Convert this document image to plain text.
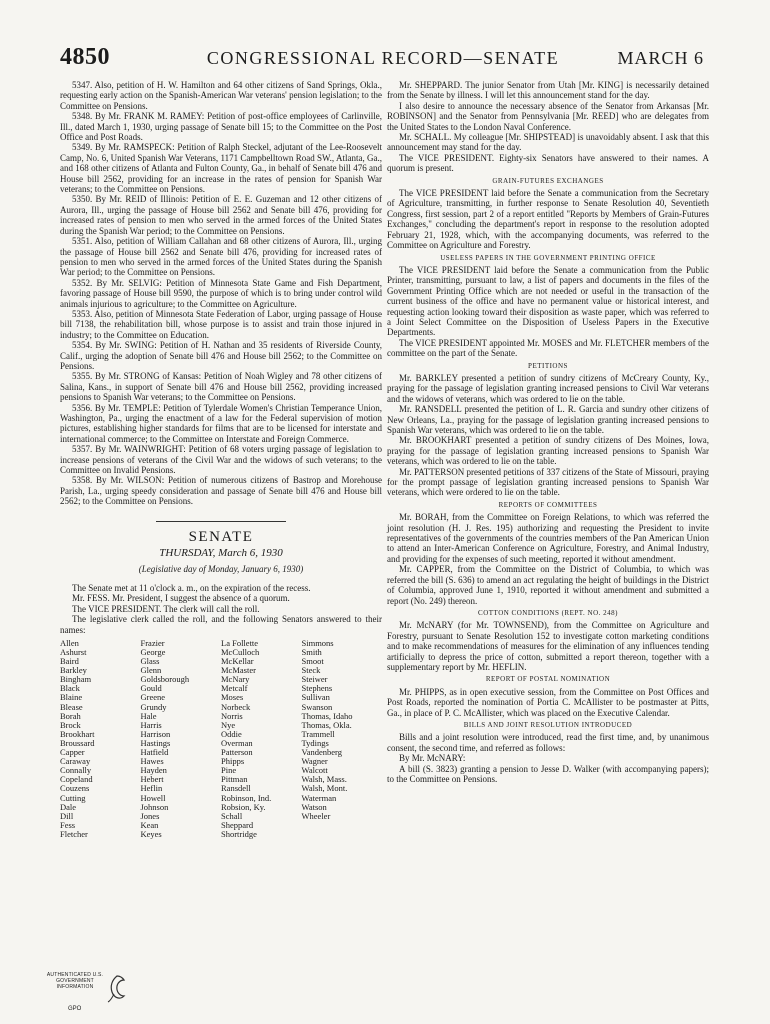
4850	CONGRESSIONAL RECORD—SENATE	MARCH 6

5347. Also, petition of H. W. Hamilton and 64 other citizens of Sand Springs, Okla., requesting early action on the Spanish-American War veterans' pension legislation; to the Committee on Pensions.

5348. By Mr. FRANK M. RAMEY: Petition of post-office employees of Carlinville, Ill., dated March 1, 1930, urging passage of Senate bill 15; to the Committee on the Post Office and Post Roads.

5349. By Mr. RAMSPECK: Petition of Ralph Steckel, adjutant of the Lee-Roosevelt Camp, No. 6, United Spanish War Veterans, 1171 Campbelltown Road SW., Atlanta, Ga., and 168 other citizens of Atlanta and Fulton County, Ga., in behalf of Senate bill 476 and House bill 2562, providing for an increase in the rates of pension for Spanish War veterans; to the Committee on Pensions.

5350. By Mr. REID of Illinois: Petition of E. E. Guzeman and 12 other citizens of Aurora, Ill., urging the passage of House bill 2562 and Senate bill 476, providing for increased rates of pension to men who served in the armed forces of the United States during the Spanish War period; to the Committee on Pensions.

5351. Also, petition of William Callahan and 68 other citizens of Aurora, Ill., urging the passage of House bill 2562 and Senate bill 476, providing for increased rates of pension to men who served in the armed forces of the United States during the Spanish War period; to the Committee on Pensions.

5352. By Mr. SELVIG: Petition of Minnesota State Game and Fish Department, favoring passage of House bill 9590, the purpose of which is to bring under control wild animals injurious to agriculture; to the Committee on Agriculture.

5353. Also, petition of Minnesota State Federation of Labor, urging passage of House bill 7138, the rehabilitation bill, whose purpose is to assist and train those injured in industry; to the Committee on Education.

5354. By Mr. SWING: Petition of H. Nathan and 35 residents of Riverside County, Calif., urging the adoption of Senate bill 476 and House bill 2562; to the Committee on Pensions.

5355. By Mr. STRONG of Kansas: Petition of Noah Wigley and 78 other citizens of Salina, Kans., in support of Senate bill 476 and House bill 2562, providing increased pensions to Spanish War veterans; to the Committee on Pensions.

5356. By Mr. TEMPLE: Petition of Tylerdale Women's Christian Temperance Union, Washington, Pa., urging the enactment of a law for the Federal supervision of motion pictures, establishing higher standards for films that are to be licensed for interstate and international commerce; to the Committee on Interstate and Foreign Commerce.

5357. By Mr. WAINWRIGHT: Petition of 68 voters urging passage of legislation to increase pensions of veterans of the Civil War and the widows of such veterans; to the Committee on Invalid Pensions.

5358. By Mr. WILSON: Petition of numerous citizens of Bastrop and Morehouse Parish, La., urging speedy consideration and passage of Senate bill 476 and House bill 2562; to the Committee on Pensions.

SENATE
THURSDAY, March 6, 1930
(Legislative day of Monday, January 6, 1930)

The Senate met at 11 o'clock a. m., on the expiration of the recess.

Mr. FESS. Mr. President, I suggest the absence of a quorum.

The VICE PRESIDENT. The clerk will call the roll.

The legislative clerk called the roll, and the following Senators answered to their names:

Allen
Ashurst
Baird
Barkley
Bingham
Black
Blaine
Blease
Borah
Brock
Brookhart
Broussard
Capper
Caraway
Connally
Copeland
Couzens
Cutting
Dale
Dill
Fess
Fletcher
Frazier
George
Glass
Glenn
Goldsborough
Gould
Greene
Grundy
Hale
Harris
Harrison
Hastings
Hatfield
Hawes
Hayden
Hebert
Heflin
Howell
Johnson
Jones
Kean
Keyes
La Follette
McCulloch
McKellar
McMaster
McNary
Metcalf
Moses
Norbeck
Norris
Nye
Oddie
Overman
Patterson
Phipps
Pine
Pittman
Ransdell
Robinson, Ind.
Robsion, Ky.
Schall
Sheppard
Shortridge
Simmons
Smith
Smoot
Steck
Steiwer
Stephens
Sullivan
Swanson
Thomas, Idaho
Thomas, Okla.
Trammell
Tydings
Vandenberg
Wagner
Walcott
Walsh, Mass.
Walsh, Mont.
Waterman
Watson
Wheeler

Mr. SHEPPARD. The junior Senator from Utah [Mr. KING] is necessarily detained from the Senate by illness. I will let this announcement stand for the day.

I also desire to announce the necessary absence of the Senator from Arkansas [Mr. ROBINSON] and the Senator from Pennsylvania [Mr. REED] who are delegates from the United States to the London Naval Conference.

Mr. SCHALL. My colleague [Mr. SHIPSTEAD] is unavoidably absent. I ask that this announcement may stand for the day.

The VICE PRESIDENT. Eighty-six Senators have answered to their names. A quorum is present.

GRAIN-FUTURES EXCHANGES

The VICE PRESIDENT laid before the Senate a communication from the Secretary of Agriculture, transmitting, in further response to Senate Resolution 40, Seventieth Congress, first session, part 2 of a report entitled "Reports by Members of Grain-Futures Exchanges," concluding the department's report in response to the resolution adopted February 21, 1928, which, with the accompanying documents, was referred to the Committee on Agriculture and Forestry.

USELESS PAPERS IN THE GOVERNMENT PRINTING OFFICE

The VICE PRESIDENT laid before the Senate a communication from the Public Printer, transmitting, pursuant to law, a list of papers and documents in the files of the Government Printing Office which are not needed or useful in the transaction of the current business of the office and have no permanent value or historical interest, and requesting action looking toward their disposition as waste paper, which was referred to a Joint Select Committee on the Disposition of Useless Papers in the Executive Departments.

The VICE PRESIDENT appointed Mr. MOSES and Mr. FLETCHER members of the committee on the part of the Senate.

PETITIONS

Mr. BARKLEY presented a petition of sundry citizens of McCreary County, Ky., praying for the passage of legislation granting increased pensions to Civil War veterans and the widows of veterans, which was ordered to lie on the table.

Mr. RANSDELL presented the petition of L. R. Garcia and sundry other citizens of New Orleans, La., praying for the passage of legislation granting increased pensions to Spanish War veterans, which was ordered to lie on the table.

Mr. BROOKHART presented a petition of sundry citizens of Des Moines, Iowa, praying for the passage of legislation granting increased pensions to Spanish War veterans, which was ordered to lie on the table.

Mr. PATTERSON presented petitions of 337 citizens of the State of Missouri, praying for the prompt passage of legislation granting increased pensions to Spanish War veterans, which were ordered to lie on the table.

REPORTS OF COMMITTEES

Mr. BORAH, from the Committee on Foreign Relations, to which was referred the joint resolution (H. J. Res. 195) authorizing and requesting the President to invite representatives of the governments of the countries members of the Pan American Union to attend an Inter-American Conference on Agriculture, Forestry, and Animal Industry, and providing for the expenses of such meeting, reported it without amendment.

Mr. CAPPER, from the Committee on the District of Columbia, to which was referred the bill (S. 636) to amend an act regulating the height of buildings in the District of Columbia, approved June 1, 1910, reported it without amendment and submitted a report (No. 249) thereon.

COTTON CONDITIONS (REPT. NO. 248)

Mr. McNARY (for Mr. TOWNSEND), from the Committee on Agriculture and Forestry, pursuant to Senate Resolution 152 to investigate cotton marketing conditions and to make recommendations of measures for the elimination of any influences tending artificially to depress the price of cotton, submitted a report thereon, together with a supplementary report by Mr. HEFLIN.

REPORT OF POSTAL NOMINATION

Mr. PHIPPS, as in open executive session, from the Committee on Post Offices and Post Roads, reported the nomination of Portia C. McAllister to be postmaster at Pitts, Ga., in place of P. C. McAllister, which was placed on the Executive Calendar.

BILLS AND JOINT RESOLUTION INTRODUCED

Bills and a joint resolution were introduced, read the first time, and, by unanimous consent, the second time, and referred as follows:

By Mr. McNARY:

A bill (S. 3823) granting a pension to Jesse D. Walker (with accompanying papers); to the Committee on Pensions.

AUTHENTICATED U.S. GOVERNMENT INFORMATION
GPO
